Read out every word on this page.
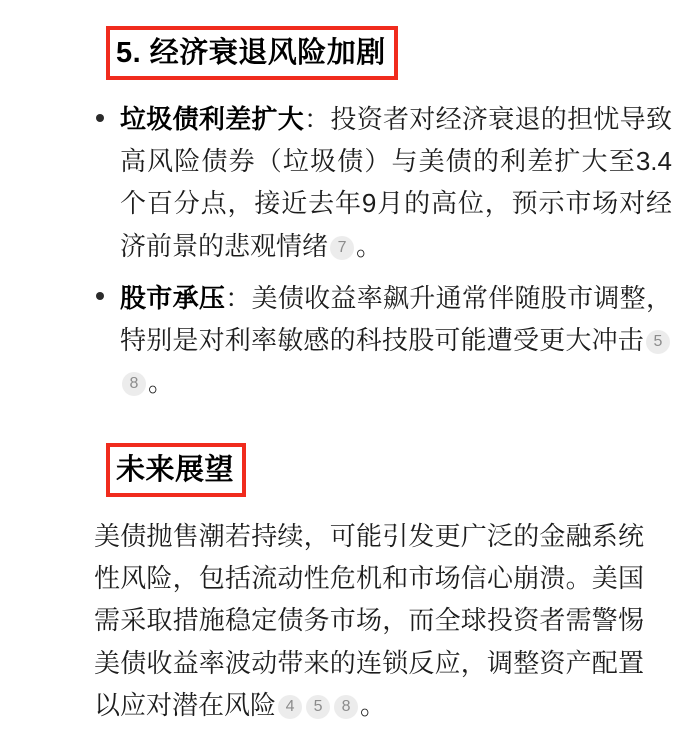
5. 经济衰退风险加剧
垃圾债利差扩大：投资者对经济衰退的担忧导致高风险债券（垃圾债）与美债的利差扩大至3.4个百分点，接近去年9月的高位，预示市场对经济前景的悲观情绪 7 。
股市承压：美债收益率飙升通常伴随股市调整，特别是对利率敏感的科技股可能遭受更大冲击 58 。
未来展望

美债抛售潮若持续，可能引发更广泛的金融系统性风险，包括流动性危机和市场信心崩溃。美国需采取措施稳定债务市场，而全球投资者需警惕美债收益率波动带来的连锁反应，调整资产配置以应对潜在风险 4 5 8 。
